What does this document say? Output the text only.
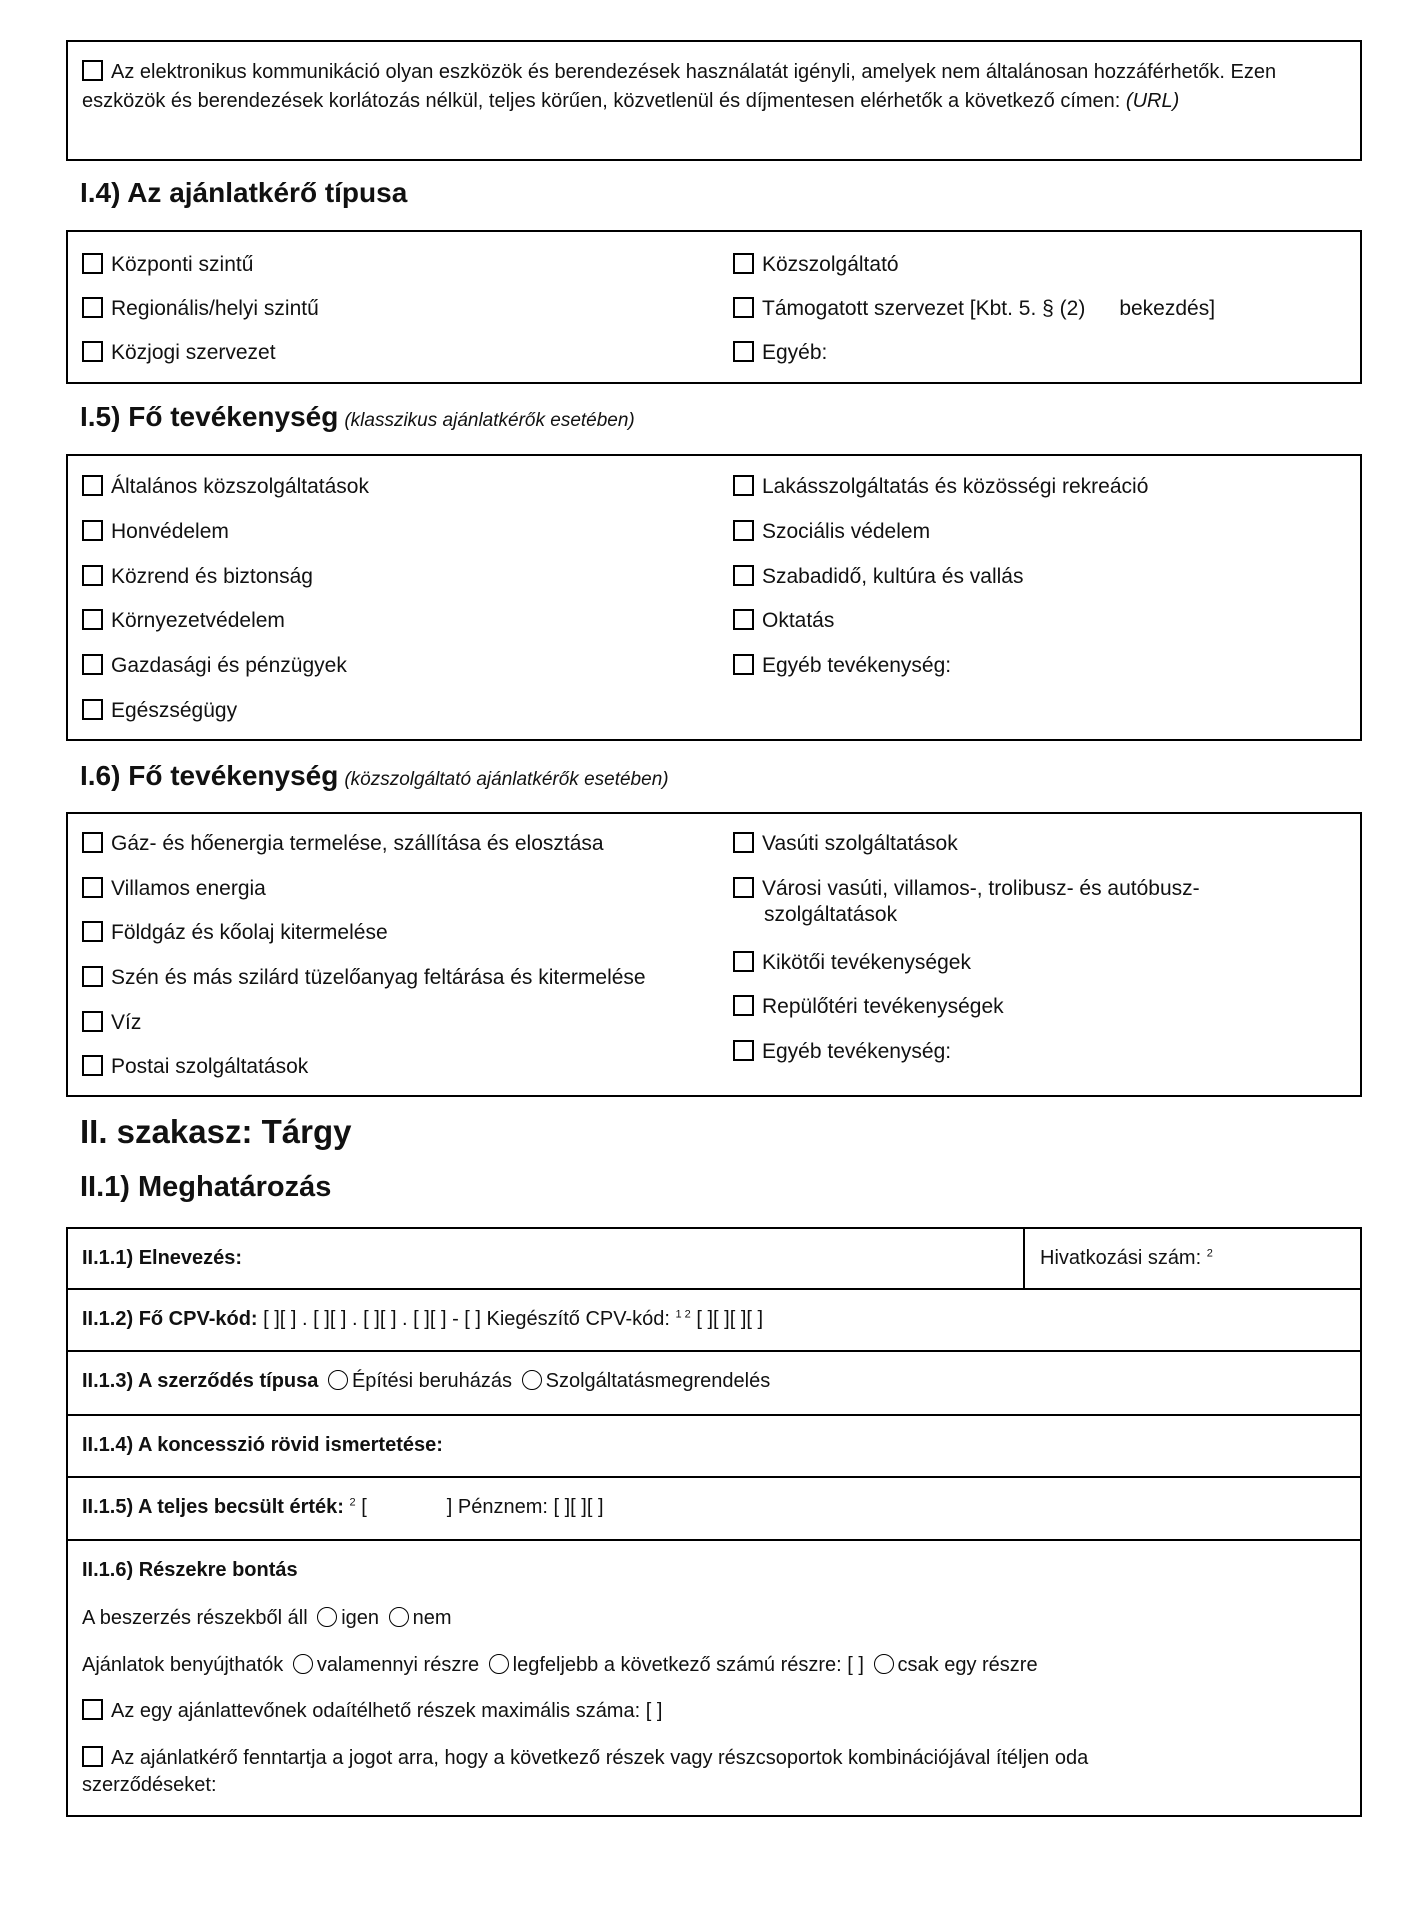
Az elektronikus kommunikáció olyan eszközök és berendezések használatát igényli, amelyek nem általánosan hozzáférhetők. Ezen eszközök és berendezések korlátozás nélkül, teljes körűen, közvetlenül és díjmentesen elérhetők a következő címen: (URL)
I.4) Az ajánlatkérő típusa
Központi szintű
Regionális/helyi szintű
Közjogi szervezet
Közszolgáltató
Támogatott szervezet [Kbt. 5. § (2) bekezdés]
Egyéb:
I.5) Fő tevékenység (klasszikus ajánlatkérők esetében)
Általános közszolgáltatások
Honvédelem
Közrend és biztonság
Környezetvédelem
Gazdasági és pénzügyek
Egészségügy
Lakásszolgáltatás és közösségi rekreáció
Szociális védelem
Szabadidő, kultúra és vallás
Oktatás
Egyéb tevékenység:
I.6) Fő tevékenység (közszolgáltató ajánlatkérők esetében)
Gáz- és hőenergia termelése, szállítása és elosztása
Villamos energia
Földgáz és kőolaj kitermelése
Szén és más szilárd tüzelőanyag feltárása és kitermelése
Víz
Postai szolgáltatások
Vasúti szolgáltatások
Városi vasúti, villamos-, trolibusz- és autóbusz-
szolgáltatások
Kikötői tevékenységek
Repülőtéri tevékenységek
Egyéb tevékenység:
II. szakasz: Tárgy
II.1) Meghatározás
II.1.1) Elnevezés:	Hivatkozási szám: $^2$
II.1.2) Fő CPV-kód: [ ][ ] . [ ][ ] . [ ][ ] . [ ][ ] - [ ] Kiegészítő CPV-kód: $^{1 2}$ [ ][ ][ ][ ]
II.1.3) A szerződés típusa Építési beruházás Szolgáltatásmegrendelés
II.1.4) A koncesszió rövid ismertetése:
II.1.5) A teljes becsült érték: $^2$ [	] Pénznem: [ ][ ][ ]
II.1.6) Részekre bontás
A beszerzés részekből áll igen nem
Ajánlatok benyújthatók valamennyi részre legfeljebb a következő számú részre: [ ] csak egy részre
Az egy ajánlattevőnek odaítélhető részek maximális száma: [ ]
Az ajánlatkérő fenntartja a jogot arra, hogy a következő részek vagy részcsoportok kombinációjával ítéljen oda
szerződéseket:
